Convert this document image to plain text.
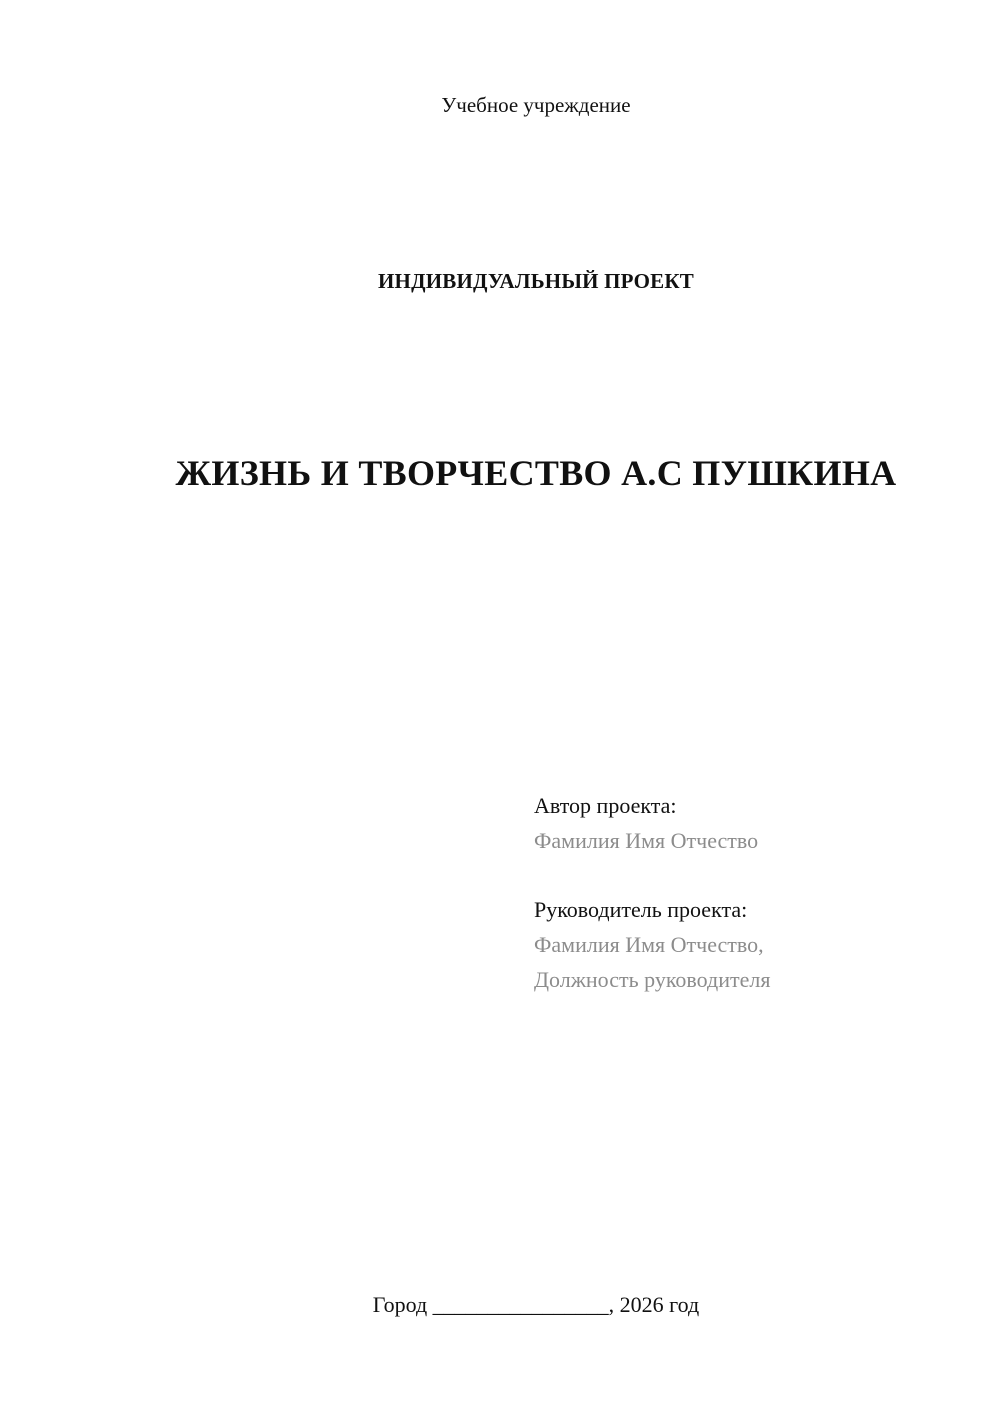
Учебное учреждение
ИНДИВИДУАЛЬНЫЙ ПРОЕКТ
ЖИЗНЬ И ТВОРЧЕСТВО А.С ПУШКИНА
Автор проекта:
Фамилия Имя Отчество
Руководитель проекта:
Фамилия Имя Отчество,
Должность руководителя
Город ________________, 2026 год
